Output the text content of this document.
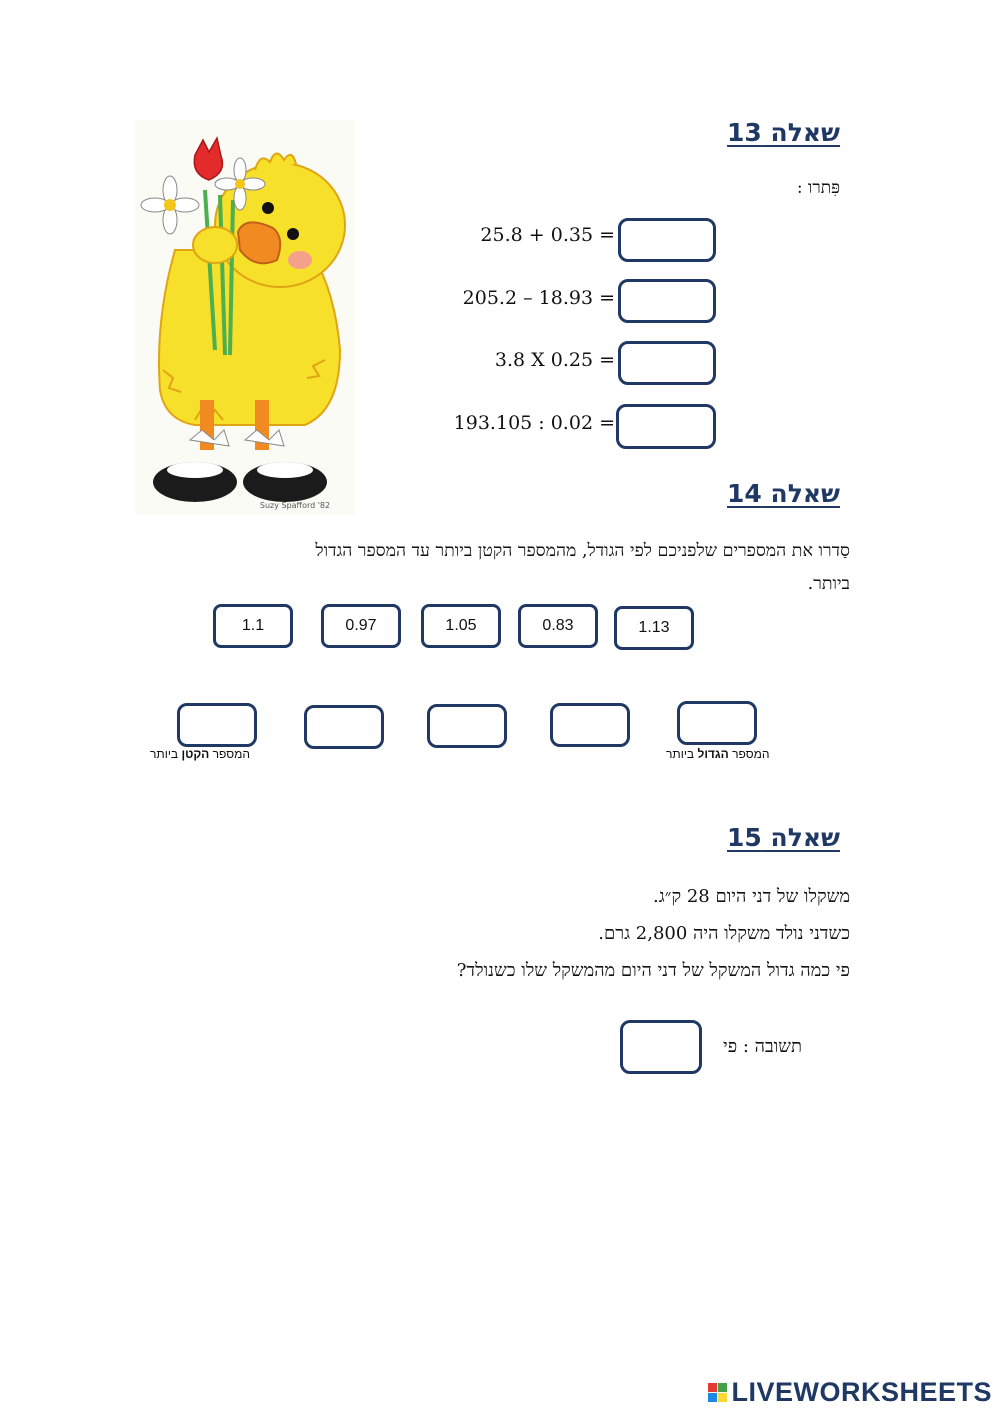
Suzy Spafford '82
שאלה 13
פִּתרו :
25.8 + 0.35 =
205.2 – 18.93 =
3.8 X 0.25 =
193.105 : 0.02 =
שאלה 14
סַדרו את המספרים שלפניכם לפי הגודל, מהמספר הקטן ביותר עד המספר הגדול
ביותר.
1.1	0.97	1.05	0.83	1.13
המספר הקטן ביותר	המספר הגדול ביותר
שאלה 15
משקלו של דני היום 28 ק״ג.
כשדני נולד משקלו היה 2,800 גרם.
פי כמה גדול המשקל של דני היום מהמשקל שלו כשנולד?
תשובה : פי
LIVEWORKSHEETS
